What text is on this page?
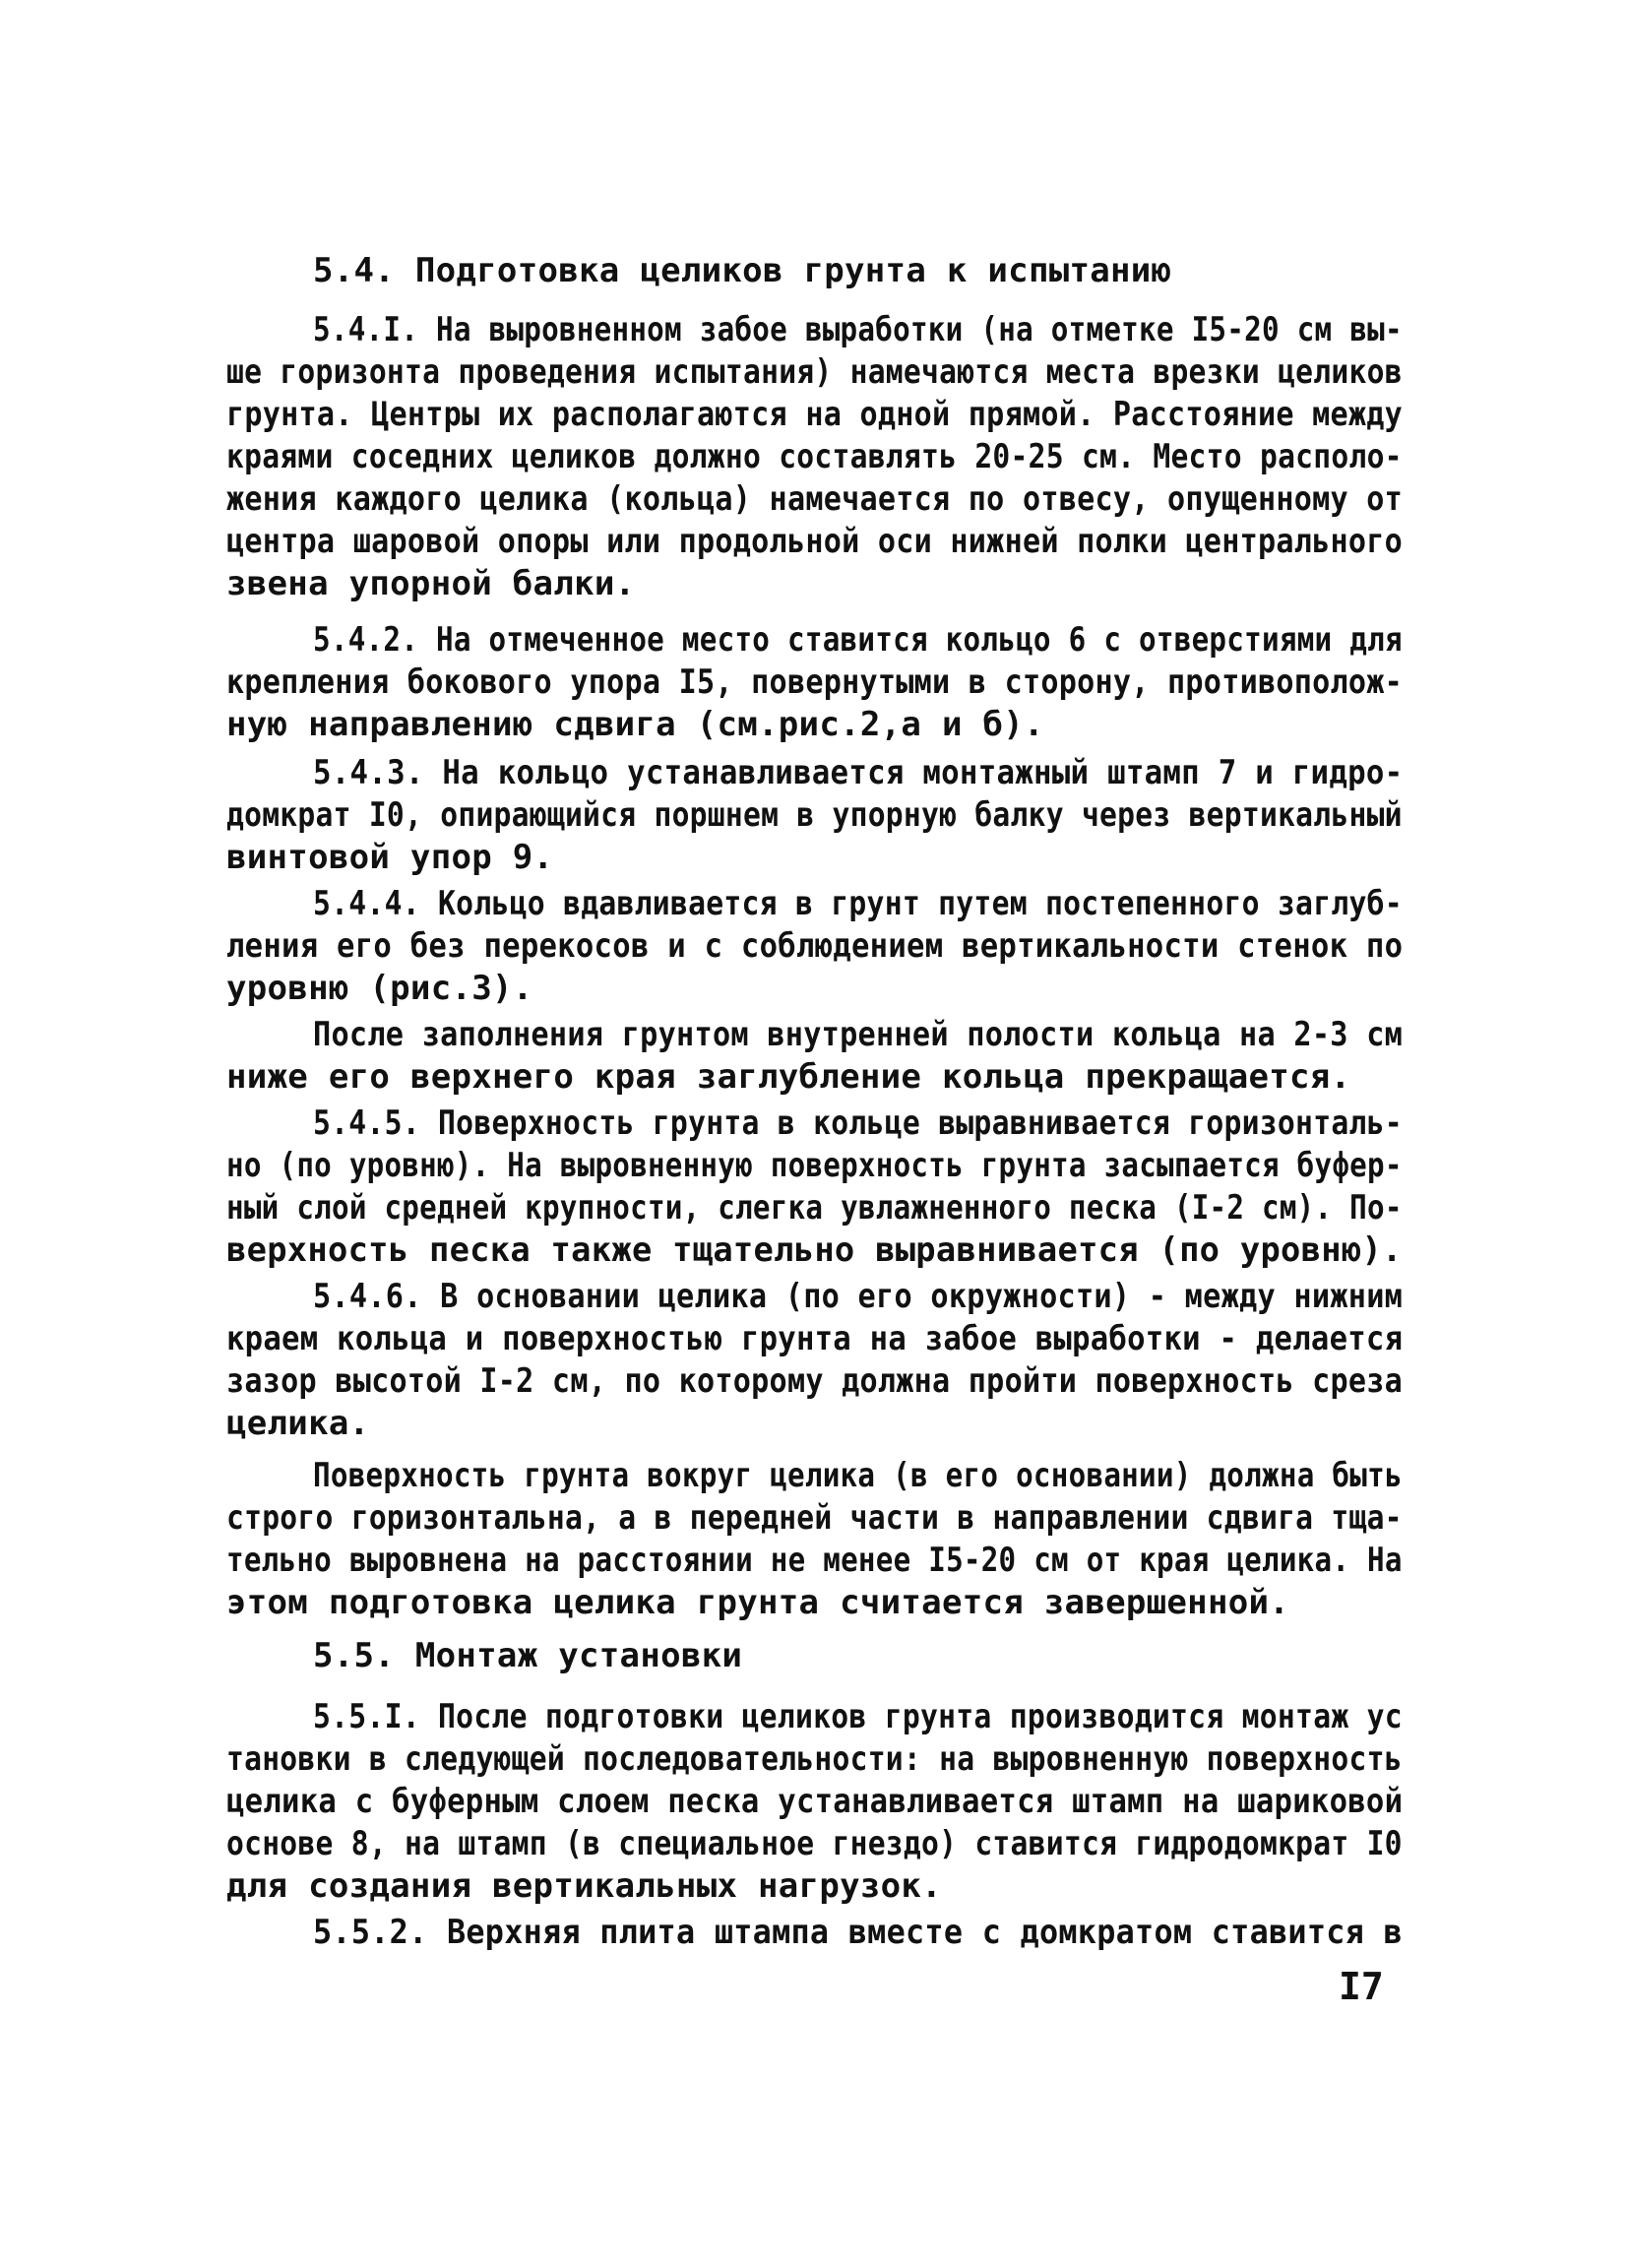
5.4. Подготовка целиков грунта к испытанию
5.4.I. На выровненном забое выработки (на отметке I5-20 см вы-
ше горизонта проведения испытания) намечаются места врезки целиков
грунта. Центры их располагаются на одной прямой. Расстояние между
краями соседних целиков должно составлять 20-25 см. Место располо-
жения каждого целика (кольца) намечается по отвесу, опущенному от
центра шаровой опоры или продольной оси нижней полки центрального
звена упорной балки.
5.4.2. На отмеченное место ставится кольцо 6 с отверстиями для
крепления бокового упора I5, повернутыми в сторону, противополож-
ную направлению сдвига (см.рис.2,а и б).
5.4.3. На кольцо устанавливается монтажный штамп 7 и гидро-
домкрат I0, опирающийся поршнем в упорную балку через вертикальный
винтовой упор 9.
5.4.4. Кольцо вдавливается в грунт путем постепенного заглуб-
ления его без перекосов и с соблюдением вертикальности стенок по
уровню (рис.3).
После заполнения грунтом внутренней полости кольца на 2-3 см
ниже его верхнего края заглубление кольца прекращается.
5.4.5. Поверхность грунта в кольце выравнивается горизонталь-
но (по уровню). На выровненную поверхность грунта засыпается буфер-
ный слой средней крупности, слегка увлажненного песка (I-2 см). По-
верхность песка также тщательно выравнивается (по уровню).
5.4.6. В основании целика (по его окружности) - между нижним
краем кольца и поверхностью грунта на забое выработки - делается
зазор высотой I-2 см, по которому должна пройти поверхность среза
целика.
Поверхность грунта вокруг целика (в его основании) должна быть
строго горизонтальна, а в передней части в направлении сдвига тща-
тельно выровнена на расстоянии не менее I5-20 см от края целика. На
этом подготовка целика грунта считается завершенной.
5.5. Монтаж установки
5.5.I. После подготовки целиков грунта производится монтаж ус
тановки в следующей последовательности: на выровненную поверхность
целика с буферным слоем песка устанавливается штамп на шариковой
основе 8, на штамп (в специальное гнездо) ставится гидродомкрат I0
для создания вертикальных нагрузок.
5.5.2. Верхняя плита штампа вместе с домкратом ставится в
I7
